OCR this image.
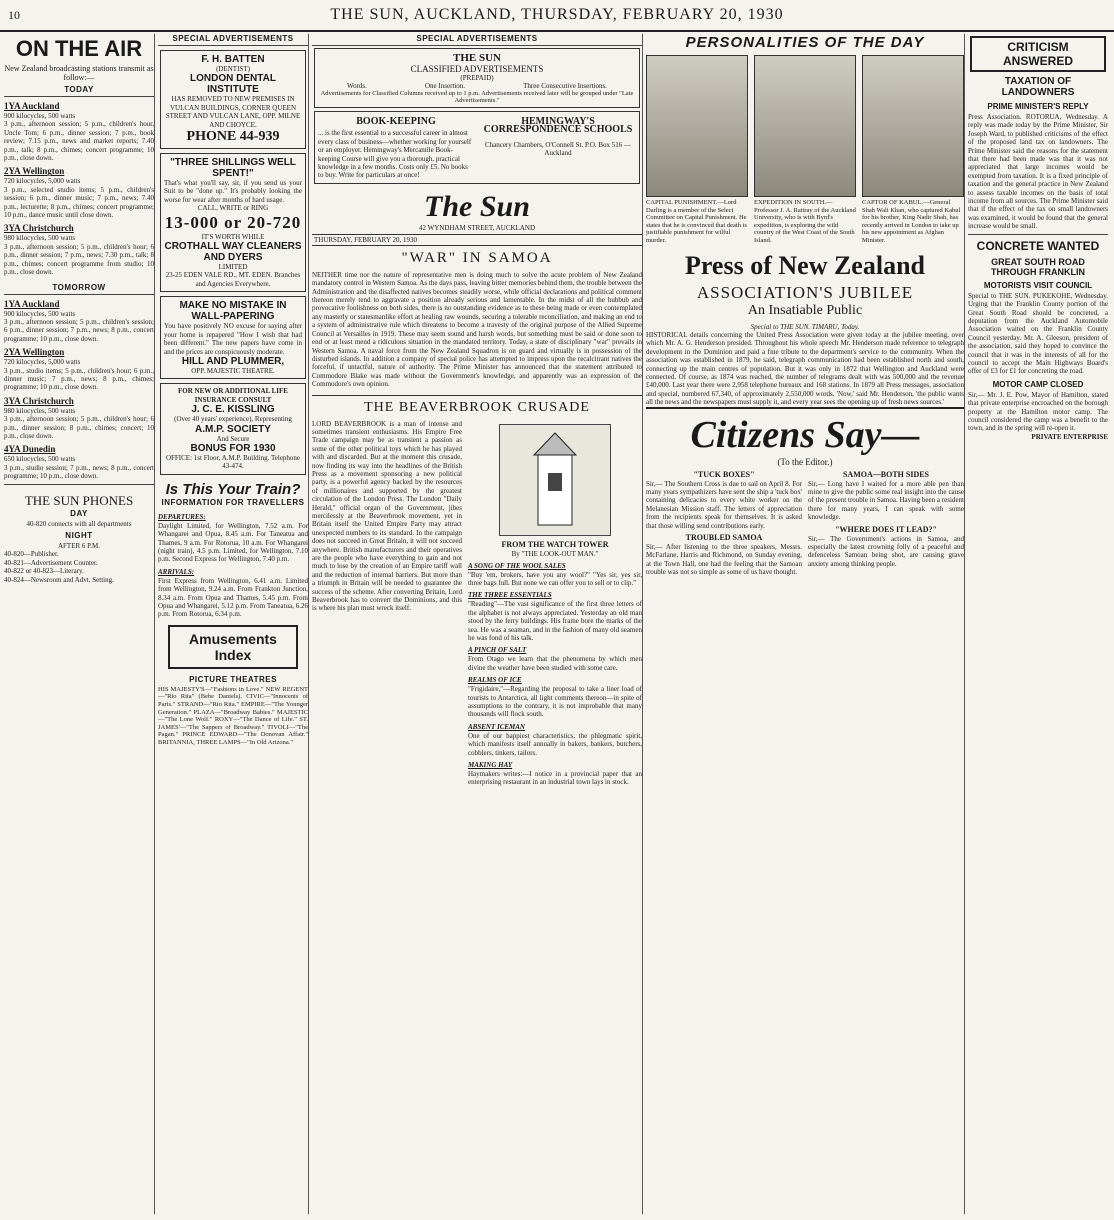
10	THE SUN, AUCKLAND, THURSDAY, FEBRUARY 20, 1930
ON THE AIR
New Zealand broadcasting stations transmit as follow:—
TODAY
1YA Auckland
900 kilocycles, 500 watts

3 p.m., afternoon session; 5 p.m., children's hour, Uncle Tom; 6 p.m., dinner session; 7 p.m., book review; 7.15 p.m., news and market reports; 7.40 p.m., talk; 8 p.m., chimes; concert programme; 10 p.m., close down.

2YA Wellington
720 kilocycles, 5,000 watts

3 p.m., selected studio items; 5 p.m., children's session; 6 p.m., dinner music; 7 p.m., news; 7.40 p.m., lecturette; 8 p.m., chimes; concert programme; 10 p.m., dance music until close down.

3YA Christchurch
980 kilocycles, 500 watts

3 p.m., afternoon session; 5 p.m., children's hour; 6 p.m., dinner session; 7 p.m., news; 7.30 p.m., talk; 8 p.m., chimes; concert programme from studio; 10 p.m., close down.

TOMORROW
1YA Auckland
900 kilocycles, 500 watts

3 p.m., afternoon session; 5 p.m., children's session; 6 p.m., dinner session; 7 p.m., news; 8 p.m., concert programme; 10 p.m., close down.

2YA Wellington
720 kilocycles, 5,000 watts

3 p.m., studio items; 5 p.m., children's hour; 6 p.m., dinner music; 7 p.m., news; 8 p.m., chimes; programme; 10 p.m., close down.

3YA Christchurch
980 kilocycles, 500 watts

3 p.m., afternoon session; 5 p.m., children's hour; 6 p.m., dinner session; 8 p.m., chimes; concert; 10 p.m., close down.

4YA Dunedin
650 kilocycles, 500 watts

3 p.m., studio session; 7 p.m., news; 8 p.m., concert programme; 10 p.m., close down.

THE SUN PHONES
DAY
40-820 connects with all departments
NIGHT
AFTER 6 P.M.
40-820—Publisher.
40-821—Advertisement Counter.
40-822 or 40-823—Literary.
40-824—Newsroom and Advt. Setting.
SPECIAL ADVERTISEMENTS
F. H. BATTEN
(DENTIST)
LONDON DENTAL INSTITUTE

HAS REMOVED TO NEW PREMISES IN VULCAN BUILDINGS, CORNER QUEEN STREET AND VULCAN LANE, OPP. MILNE AND CHOYCE.

PHONE 44-939
"THREE SHILLINGS WELL SPENT!"

That's what you'll say, sir, if you send us your Suit to be "done up." It's probably looking the worse for wear after months of hard usage.

CALL, WRITE or RING
13-000 or 20-720
IT'S WORTH WHILE
CROTHALL WAY CLEANERS AND DYERS
LIMITED
23-25 EDEN VALE RD., MT. EDEN. Branches and Agencies Everywhere.
MAKE NO MISTAKE IN WALL-PAPERING

You have positively NO excuse for saying after your home is repapered "How I wish that had been different." The new papers have come in and the prices are conspicuously moderate.

HILL AND PLUMMER,
OPP. MAJESTIC THEATRE.
FOR NEW OR ADDITIONAL LIFE INSURANCE CONSULT
J. C. E. KISSLING
(Over 40 years' experience), Representing
A.M.P. SOCIETY
And Secure
BONUS FOR 1930
OFFICE: 1st Floor, A.M.P. Building. Telephone 43-474.
Is This Your Train?
INFORMATION FOR TRAVELLERS
DEPARTURES:

Daylight Limited, for Wellington, 7.52 a.m. For Whangarei and Opua, 8.45 a.m. For Taneatua and Thames, 9 a.m. For Rotorua, 10 a.m. For Whangarei (night train), 4.5 p.m. Limited, for Wellington, 7.10 p.m. Second Express for Wellington, 7.40 p.m.

ARRIVALS:

First Express from Wellington, 6.41 a.m. Limited from Wellington, 9.24 a.m. From Frankton Junction, 8.34 a.m. From Opua and Thames, 5.45 p.m. From Opua and Whangarei, 5.12 p.m. From Taneatua, 6.26 p.m. From Rotorua, 6.34 p.m.

Amusements Index
PICTURE THEATRES

HIS MAJESTY'S—"Fashions in Love." NEW REGENT—"Rio Rita" (Bebe Daniels). CIVIC—"Innocents of Paris." STRAND—"Rio Rita." EMPIRE—"The Younger Generation." PLAZA—"Broadway Babies." MAJESTIC—"The Lone Wolf." ROXY—"The Dance of Life." ST. JAMES'—"The Sappers of Broadway." TIVOLI—"The Pagan." PRINCE EDWARD—"The Donovan Affair." BRITANNIA, THREE LAMPS—"In Old Arizona."

SPECIAL ADVERTISEMENTS
THE SUN
CLASSIFIED ADVERTISEMENTS
(PREPAID)
Words.	One Insertion.	Three Consecutive Insertions.
Advertisements for Classified Columns received up to 1 p.m. Advertisements received later will be grouped under "Late Advertisements."
BOOK-KEEPING
... is the first essential to a successful career in almost every class of business—whether working for yourself or an employer. Hemingway's Mercantile Book-keeping Course will give you a thorough, practical knowledge in a few months. Costs only £5. No books to buy. Write for particulars at once!
HEMINGWAY'S CORRESPONDENCE SCHOOLS
Chancery Chambers, O'Connell St. P.O. Box 516 — Auckland
The Sun
42 WYNDHAM STREET, AUCKLAND
THURSDAY, FEBRUARY 20, 1930
"WAR" IN SAMOA

NEITHER time nor the nature of representative men is doing much to solve the acute problem of New Zealand mandatory control in Western Samoa. As the days pass, leaving bitter memories behind them, the trouble between the Administration and the disaffected natives becomes steadily worse, while official declarations and political comment thereon merely tend to aggravate a position already serious and lamentable. In the midst of all the hubbub and provocative foolishness on both sides, there is no outstanding evidence as to these being made or even contemplated any masterly or statesmanlike effort at healing raw wounds, securing a tolerable reconciliation, and making an end to a system of administrative rule which threatens to become a travesty of the original purpose of the Allied Supreme Council at Versailles in 1919. These may seem sound and harsh words, but something must be said or done soon to end or at least mend a ridiculous situation in the mandated territory. Today, a state of disciplinary "war" prevails in Western Samoa. A naval force from the New Zealand Squadron is on guard and virtually is in possession of the disturbed islands. In addition a company of special police has attempted to impress upon the recalcitrant natives the forceful, if untactful, nature of authority. The Prime Minister has announced that the statement attributed to Commodore Blake was made without the Government's knowledge, and apparently was an expression of the Commodore's own opinion.

THE BEAVERBROOK CRUSADE

LORD BEAVERBROOK is a man of intense and sometimes transient enthusiasms. His Empire Free Trade campaign may be as transient a passion as some of the other political toys which he has played with and discarded. But at the moment this crusade, now finding its way into the headlines of the British Press as a movement sponsoring a new political party, is a powerful agency backed by the resources of millionaires and supported by the greatest circulation of the London Press. The London "Daily Herald," official organ of the Government, jibes mercilessly at the Beaverbrook movement, yet in Britain itself the United Empire Party may attract unexpected numbers to its standard. In the campaign does not succeed in Great Britain, it will not succeed anywhere. British manufacturers and their operatives are the people who have everything to gain and not much to lose by the creation of an Empire tariff wall and the reduction of internal barriers. But more than a triumph in Britain will be needed to guarantee the success of the scheme. After converting Britain, Lord Beaverbrook has to convert the Dominions, and this is where his plan must wreck itself.

FROM THE WATCH TOWER
By "THE LOOK-OUT MAN."
A SONG OF THE WOOL SALES

"Buy 'em, brokers, have you any wool?" "Yes sir, yes sir, three bags full. But none we can offer you to sell or to clip."

THE THREE ESSENTIALS

"Reading"—The vast significance of the first three letters of the alphabet is not always appreciated. Yesterday an old man stood by the ferry buildings. His frame bore the marks of the sea. He was a seaman, and in the fashion of many old seamen he was fond of his talk.

A PINCH OF SALT

From Otago we learn that the phenomena by which men divine the weather have been studied with some care.

REALMS OF ICE

"Frigidaire,"—Regarding the proposal to take a liner load of tourists to Antarctica, all light comments thereon—in spite of assumptions to the contrary, it is not improbable that many thousands will flock south.

ABSENT ICEMAN

One of our happiest characteristics, the phlegmatic spirit, which manifests itself annually in bakers, bankers, butchers, cobblers, tinkers, tailors.

MAKING HAY

Haymakers writes:—I notice in a provincial paper that an enterprising restaurant in an industrial town lays in stock.

PERSONALITIES OF THE DAY
CAPITAL PUNISHMENT.—Lord Darling is a member of the Select Committee on Capital Punishment. He states that he is convinced that death is justifiable punishment for wilful murder.
EXPEDITION IN SOUTH.—Professor J. A. Rattray of the Auckland University, who is with Byrd's expedition, is exploring the wild country of the West Coast of the South Island.
CAPTOR OF KABUL.—General Shah Wali Khan, who captured Kabul for his brother, King Nadir Shah, has recently arrived in London to take up his new appointment as Afghan Minister.
Press of New Zealand
ASSOCIATION'S JUBILEE
An Insatiable Public
Special to THE SUN. TIMARU, Today.

HISTORICAL details concerning the United Press Association were given today at the jubilee meeting, over which Mr. A. G. Henderson presided. Throughout his whole speech Mr. Henderson made reference to telegraph development in the Dominion and paid a fine tribute to the department's service to the community. When the association was established in 1879, he said, telegraph communication had been established north and south, connecting up the main centres of population. But it was only in 1872 that Wellington and Auckland were connected. Of course, as 1874 was reached, the number of telegrams dealt with was 500,000 and the revenue £40,000. Last year there were 2,958 telephone bureaux and 168 stations. In 1879 all Press messages, association and special, numbered 67,340, of approximately 2,550,000 words. 'Now,' said Mr. Henderson, 'the public wants all the news and the newspapers must supply it, and every year sees the opening up of fresh news sources.'

Citizens Say—
(To the Editor.)
"TUCK BOXES"

Sir,— The Southern Cross is due to sail on April 8. For many years sympathizers have sent the ship a 'tuck box' containing delicacies to every white worker on the Melanesian Mission staff. The letters of appreciation from the recipients speak for themselves. It is asked that those willing send contributions early.

TROUBLED SAMOA

Sir,— After listening to the three speakers, Messrs. McFarlane, Harris and Richmond, on Sunday evening, at the Town Hall, one had the feeling that the Samoan trouble was not so simple as some of us have thought.

SAMOA—BOTH SIDES

Sir,— Long have I waited for a more able pen than mine to give the public some real insight into the cause of the present trouble in Samoa. Having been a resident there for many years, I can speak with some knowledge.

"WHERE DOES IT LEAD?"

Sir,— The Government's actions in Samoa, and especially the latest crowning folly of a peaceful and defenceless Samoan being shot, are causing grave anxiety among thinking people.

CRITICISM ANSWERED
TAXATION OF LANDOWNERS
PRIME MINISTER'S REPLY

Press Association. ROTORUA, Wednesday. A reply was made today by the Prime Minister, Sir Joseph Ward, to published criticisms of the effect of the proposed land tax on landowners. The Prime Minister said the reasons for the statement that there had been made was that it was not appreciated that large incomes would be exempted from taxation. It is a fixed principle of taxation and the general practice in New Zealand to assess taxable incomes on the basis of total income from all sources. The Prime Minister said that if the effect of the tax on small landowners was examined, it would be found that the general increase would be small.

CONCRETE WANTED
GREAT SOUTH ROAD THROUGH FRANKLIN
MOTORISTS VISIT COUNCIL

Special to THE SUN. PUKEKOHE, Wednesday. Urging that the Franklin County portion of the Great South Road should be concreted, a deputation from the Auckland Automobile Association waited on the Franklin County Council yesterday. Mr. A. Gleeson, president of the association, said they hoped to convince the council that it was in the interests of all for the council to accept the Main Highways Board's offer of £3 for £1 for concreting the road.

MOTOR CAMP CLOSED

Sir,— Mr. J. E. Pow, Mayor of Hamilton, stated that private enterprise encroached on the borough property at the Hamilton motor camp. The council considered the camp was a benefit to the town, and in the spring will re-open it.

PRIVATE ENTERPRISE
